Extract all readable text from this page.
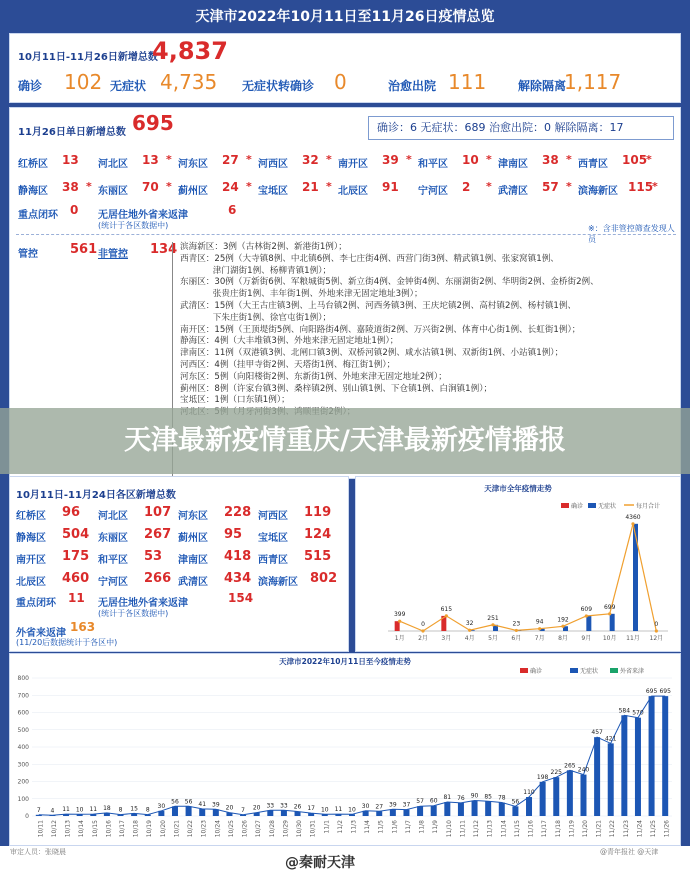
天津市2022年10月11日至11月26日疫情总览
10月11日-11月26日新增总数
4,837
确诊 102 无症状 4,735 无症状转确诊 0	治愈出院 111	解除隔离
1,117
11月26日单日新增总数 695	确诊：6 无症状：689 治愈出院：0 解除隔离：17
红桥区 13 河北区 13 * 河东区 27 * 河西区 32 * 南开区 39 * 和平区 10 * 津南区 38 * 西青区 105
*
静海区 38 * 东丽区 70 * 蓟州区 24 * 宝坻区 21 * 北辰区 91 宁河区 2 * 武清区 57 * 滨海新区 115
*
重点闭环 0 无居住地外省来返津
(统计于各区数据中)
6
※：含非管控筛查发现人员
管控 561 非管控 134 滨海新区：3例（古林街2例、新港街1例）；
西青区：25例（大寺镇8例、中北镇6例、李七庄街4例、西营门街3例、精武镇1例、张家窝镇1例、
津门湖街1例、杨柳青镇1例）；
东丽区：30例（万新街6例、军粮城街5例、新立街4例、金钟街4例、东丽湖街2例、华明街2例、金桥街2例、
张贵庄街1例、丰年街1例、外地来津无固定地址3例）；
武清区：15例（大王古庄镇3例、上马台镇2例、河西务镇3例、王庆坨镇2例、高村镇2例、杨村镇1例、
下朱庄街1例、徐官屯街1例）；
南开区：15例（王顶堤街5例、向阳路街4例、嘉陵道街2例、万兴街2例、体育中心街1例、长虹街1例）；
静海区：4例（大丰堆镇3例、外地来津无固定地址1例）；
津南区：11例（双港镇3例、北闸口镇3例、双桥河镇2例、咸水沽镇1例、双新街1例、小站镇1例）；
河西区：4例（挂甲寺街2例、天塔街1例、梅江街1例）；
河东区：5例（向阳楼街2例、东新街1例、外地来津无固定地址2例）；
蓟州区：8例（许家台镇3例、桑梓镇2例、别山镇1例、下仓镇1例、白涧镇1例）；
宝坻区：1例（口东镇1例）；
天津最新疫情重庆/天津最新疫情播报
10月11日-11月24日各区新增总数
红桥区 96 河北区 107 河东区 228 河西区 119
静海区 504 东丽区 267 蓟州区 95 宝坻区 124
南开区 175 和平区 53 津南区 418 西青区 515
北辰区 460 宁河区 266 武清区 434 滨海新区 802
重点闭环 11 无居住地外省来返津
(统计于各区数据中)
154
外省来返津 163
(11/20后数据统计于各区中)
天津市全年疫情走势
确诊 无症状	每月合计
1月 2月 3月 4月 5月 6月 7月 8月 9月 10月 11月 12月
399
0
615
32
251
23	94 192
609 699
4360
0
天津市2022年10月11日至今疫情走势
确诊	无症状	外省来津
0
100
200
300
400
500
600
700
800
10/11 10/12 10/13 10/14 10/15 10/16 10/17 10/18 10/19 10/20 10/21 10/22 10/23 10/24 10/25 10/26 10/27 10/28 10/29 10/30 10/31 11/1 11/2 11/3 11/4 11/5 11/6 11/7 11/8 11/9 11/10 11/11 11/12 11/13 11/14 11/15 11/16 11/17 11/18 11/19 11/20 11/21 11/22 11/23 11/24 11/25 11/26
7 4 11 10 11 18 8 15 8
30
56 56 41 39 20 7 20 33 33 26 17 10 11 10 30 27 39 37 57 60
81 76 90 85 78
56
110
198
225
265
240
457
421
584 570
695 695
审定人员：张晓晨
@秦耐天津
@青年报社 @天津
